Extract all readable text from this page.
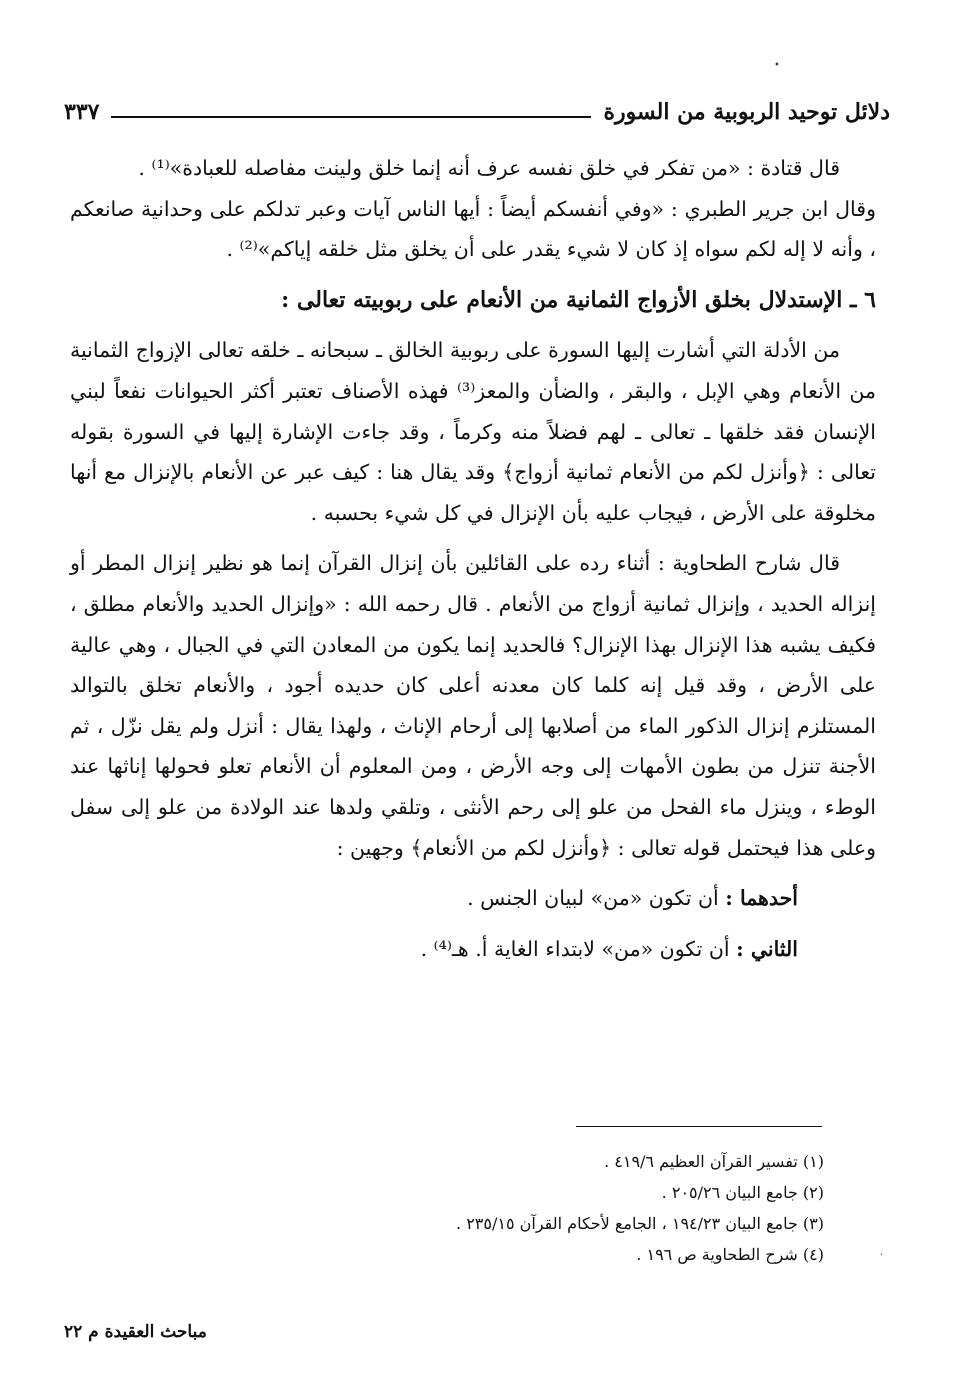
•
·
دلائل توحيد الربوبية من السورة
٣٣٧

قال قتادة : «من تفكر في خلق نفسه عرف أنه إنما خلق ولينت مفاصله للعبادة»⁽¹⁾ .

وقال ابن جرير الطبري : «وفي أنفسكم أيضاً : أيها الناس آيات وعبر تدلكم على وحدانية صانعكم ، وأنه لا إله لكم سواه إذ كان لا شيء يقدر على أن يخلق مثل خلقه إياكم»⁽²⁾ .

٦ ـ الإستدلال بخلق الأزواج الثمانية من الأنعام على ربوبيته تعالى :

من الأدلة التي أشارت إليها السورة على ربوبية الخالق ـ سبحانه ـ خلقه تعالى الإزواج الثمانية من الأنعام وهي الإبل ، والبقر ، والضأن والمعز⁽³⁾ فهذه الأصناف تعتبر أكثر الحيوانات نفعاً لبني الإنسان فقد خلقها ـ تعالى ـ لهم فضلاً منه وكرماً ، وقد جاءت الإشارة إليها في السورة بقوله تعالى : ﴿وأنزل لكم من الأنعام ثمانية أزواج﴾ وقد يقال هنا : كيف عبر عن الأنعام بالإنزال مع أنها مخلوقة على الأرض ، فيجاب عليه بأن الإنزال في كل شيء بحسبه .

قال شارح الطحاوية : أثناء رده على القائلين بأن إنزال القرآن إنما هو نظير إنزال المطر أو إنزاله الحديد ، وإنزال ثمانية أزواج من الأنعام . قال رحمه الله : «وإنزال الحديد والأنعام مطلق ، فكيف يشبه هذا الإنزال بهذا الإنزال؟ فالحديد إنما يكون من المعادن التي في الجبال ، وهي عالية على الأرض ، وقد قيل إنه كلما كان معدنه أعلى كان حديده أجود ، والأنعام تخلق بالتوالد المستلزم إنزال الذكور الماء من أصلابها إلى أرحام الإناث ، ولهذا يقال : أنزل ولم يقل نزّل ، ثم الأجنة تنزل من بطون الأمهات إلى وجه الأرض ، ومن المعلوم أن الأنعام تعلو فحولها إناثها عند الوطء ، وينزل ماء الفحل من علو إلى رحم الأنثى ، وتلقي ولدها عند الولادة من علو إلى سفل وعلى هذا فيحتمل قوله تعالى : ﴿وأنزل لكم من الأنعام﴾ وجهين :

أحدهما : أن تكون «من» لبيان الجنس .

الثاني : أن تكون «من» لابتداء الغاية أ. هـ⁽⁴⁾ .

(١) تفسير القرآن العظيم ٤١٩/٦ .
(٢) جامع البيان ٢٠٥/٢٦ .
(٣) جامع البيان ١٩٤/٢٣ ، الجامع لأحكام القرآن ٢٣٥/١٥ .
(٤) شرح الطحاوية ص ١٩٦ .
مباحث العقيدة م ٢٢
